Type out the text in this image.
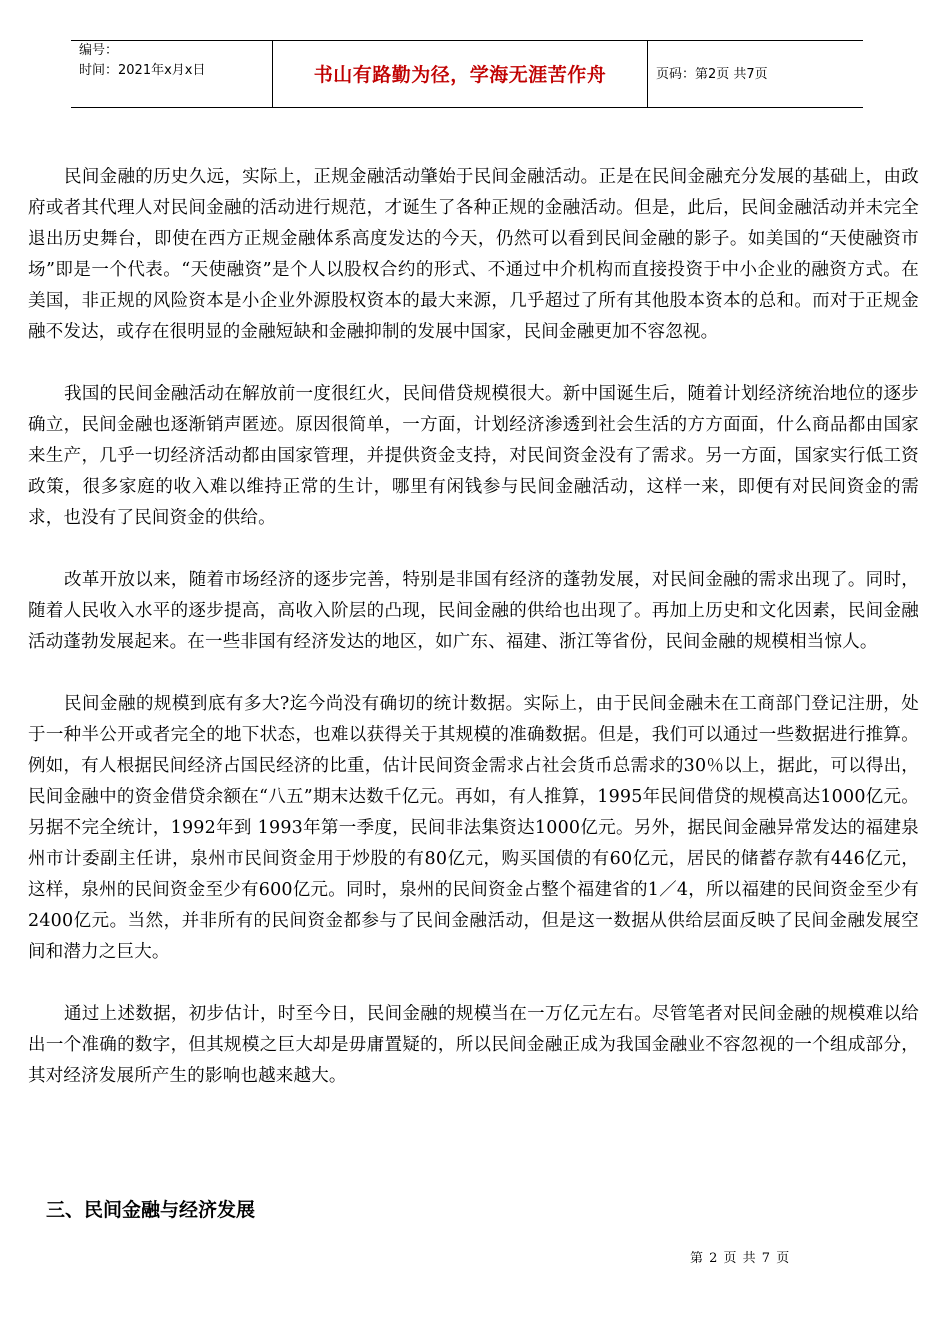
编号：
时间：2021年x月x日	书山有路勤为径，学海无涯苦作舟	页码：第2页 共7页

民间金融的历史久远，实际上，正规金融活动肇始于民间金融活动。正是在民间金融充分发展的基础上，由政府或者其代理人对民间金融的活动进行规范，才诞生了各种正规的金融活动。但是，此后，民间金融活动并未完全退出历史舞台，即使在西方正规金融体系高度发达的今天，仍然可以看到民间金融的影子。如美国的“天使融资市场”即是一个代表。“天使融资”是个人以股权合约的形式、不通过中介机构而直接投资于中小企业的融资方式。在美国，非正规的风险资本是小企业外源股权资本的最大来源，几乎超过了所有其他股本资本的总和。而对于正规金融不发达，或存在很明显的金融短缺和金融抑制的发展中国家，民间金融更加不容忽视。

我国的民间金融活动在解放前一度很红火，民间借贷规模很大。新中国诞生后，随着计划经济统治地位的逐步确立，民间金融也逐渐销声匿迹。原因很简单，一方面，计划经济渗透到社会生活的方方面面，什么商品都由国家来生产，几乎一切经济活动都由国家管理，并提供资金支持，对民间资金没有了需求。另一方面，国家实行低工资政策，很多家庭的收入难以维持正常的生计，哪里有闲钱参与民间金融活动，这样一来，即便有对民间资金的需求，也没有了民间资金的供给。

改革开放以来，随着市场经济的逐步完善，特别是非国有经济的蓬勃发展，对民间金融的需求出现了。同时，随着人民收入水平的逐步提高，高收入阶层的凸现，民间金融的供给也出现了。再加上历史和文化因素，民间金融活动蓬勃发展起来。在一些非国有经济发达的地区，如广东、福建、浙江等省份，民间金融的规模相当惊人。

民间金融的规模到底有多大?迄今尚没有确切的统计数据。实际上，由于民间金融未在工商部门登记注册，处于一种半公开或者完全的地下状态，也难以获得关于其规模的准确数据。但是，我们可以通过一些数据进行推算。例如，有人根据民间经济占国民经济的比重，估计民间资金需求占社会货币总需求的30％以上，据此，可以得出，民间金融中的资金借贷余额在“八五”期末达数千亿元。再如，有人推算，1995年民间借贷的规模高达1000亿元。另据不完全统计，1992年到 1993年第一季度，民间非法集资达1000亿元。另外，据民间金融异常发达的福建泉州市计委副主任讲，泉州市民间资金用于炒股的有80亿元，购买国债的有60亿元，居民的储蓄存款有446亿元，这样，泉州的民间资金至少有600亿元。同时，泉州的民间资金占整个福建省的1／4，所以福建的民间资金至少有2400亿元。当然，并非所有的民间资金都参与了民间金融活动，但是这一数据从供给层面反映了民间金融发展空间和潜力之巨大。

通过上述数据，初步估计，时至今日，民间金融的规模当在一万亿元左右。尽管笔者对民间金融的规模难以给出一个准确的数字，但其规模之巨大却是毋庸置疑的，所以民间金融正成为我国金融业不容忽视的一个组成部分，其对经济发展所产生的影响也越来越大。

三、民间金融与经济发展
第 2 页 共 7 页
